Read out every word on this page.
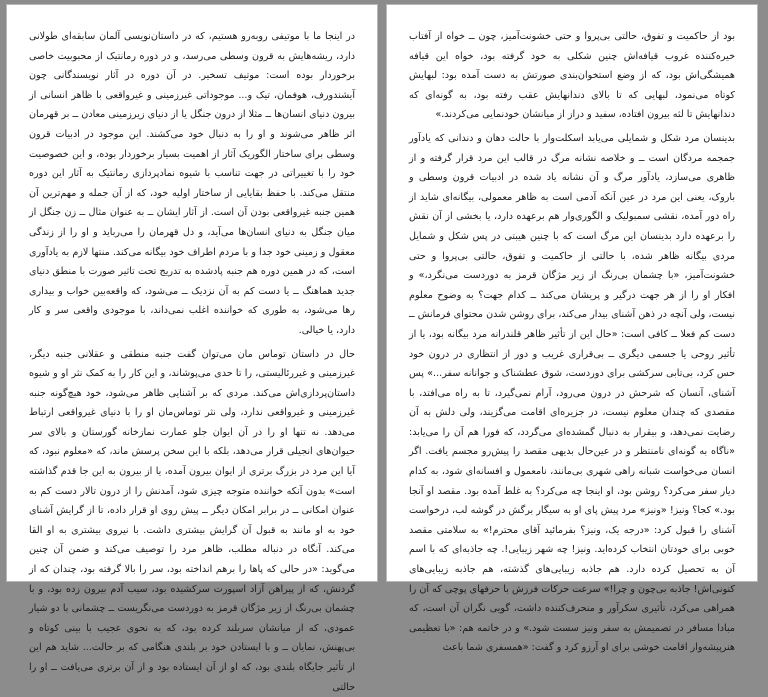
در اینجا ما با موتیفی رو‌به‌رو هستیم، که در داستان‌نویسی آلمان سابقه‌ای طولانی دارد، ریشه‌هایش به قرون وسطی می‌رسد، و در دوره رمانتیک از محبوبیت خاصی برخوردار بوده است: موتیف تسخیر. در آن دوره در آثار نویسندگانی چون آیشندورف، هوفمان، تیک و... موجوداتی غیرزمینی و غیرواقعی با ظاهر انسانی از بیرون دنیای انسان‌ها ــ مثلا از درون جنگل یا از دنیای زیرزمینی معادن ــ بر قهرمان اثر ظاهر می‌شوند و او را به دنبال خود می‌کشند. این موجود در ادبیات قرون وسطی برای ساختار الگوریک آثار از اهمیت بسیار برخوردار بوده، و این خصوصیت خود را با تغییراتی در جهت تناسب با شیوه نمادپردازی رمانتیک به آثار این دوره منتقل می‌کند. با حفظ بقایایی از ساختار اولیه خود، که از آن جمله و مهم‌ترین آن همین جنبه غیرواقعی بودن آن است. از آثار ایشان ــ به عنوان مثال ــ زن جنگل از میان جنگل به دنیای انسان‌ها می‌آید، و دل قهرمان را می‌رباید و او را از زندگی معقول و زمینی خود جدا و با مردم اطراف خود بیگانه می‌کند. منتها لازم به یادآوری است، که در همین دوره هم جنبه پادشده به تدریج تحت تاثیر صورت با منطق دنیای جدید هماهنگ ــ یا دست کم به آن نزدیک ــ می‌شود، که واقعه‌بین خواب و بیداری رها می‌شود، به طوری که خواننده اغلب نمی‌داند، با موجودی واقعی سر و کار دارد، یا خیالی.

حال در داستان توماس مان می‌توان گفت جنبه منطقی و عقلانی جنبه دیگر، غیرزمینی و غیررئالیستی، را تا حدی می‌پوشاند، و این کار را به کمک نثر او و شیوه داستان‌پردازی‌اش می‌کند. مردی که بر آشنایی ظاهر می‌شود، خود هیچ‌گونه جنبه غیرزمینی و غیرواقعی ندارد، ولی نثر توماس‌مان او را با دنیای غیرواقعی ارتباط می‌دهد. نه تنها او را در آن ایوان جلو عمارت نمازخانه گورستان و بالای سر حیوان‌های انجیلی قرار می‌دهد، بلکه با این سخن پرسش ماند، که «معلوم نبود، که آیا این مرد در بزرگ برتری از ایوان بیرون آمده، یا از بیرون به این جا قدم گذاشته است» بدون آنکه خواننده متوجه چیزی شود، آمدنش را از درون تالار دست کم به عنوان امکانی ــ در برابر امکان دیگر ــ پیش روی او قرار داده، تا از گرایش آشنای خود به او مانند به قبول آن گرایش بیشتری داشت. با نیروی بیشتری به او القا می‌کند. آنگاه در دنباله مطلب، ظاهر مرد را توصیف می‌کند و ضمن آن چنین می‌گوید: «در حالی که پاها را برهم انداخته بود، سر را بالا گرفته بود، چندان که از گردنش، که از پیراهن آزاد اسپورت سرکشیده بود، سیب آدم بیرون زده بود، و با چشمان بی‌رنگ از زیر مژگان قرمز به دوردست می‌نگریست ــ چشمانی با دو شیار عمودی، که از میانشان سربلند کرده بود، که به نحوی عجیب با بینی کوتاه و بی‌پهنش، نمایان ــ و با ایستادن خود بر بلندی هنگامی که بر حالت... شاید هم این از تأثیر جایگاه بلندی بود، که او از آن ایستاده بود و از آن برتری می‌یافت ــ او را حالتی

بود از حاکمیت و تفوق، حالتی بی‌پروا و حتی خشونت‌آمیز، چون ــ خواه از آفتاب خیره‌کننده غروب قیافه‌اش چنین شکلی به خود گرفته بود، خواه این قیافه همیشگی‌اش بود، که از وضع استخوان‌بندی صورتش به دست آمده بود: لبهایش کوتاه می‌نمود، لبهایی که تا بالای دندانهایش عقب رفته بود، به گونه‌ای که دندانهایش تا لثه بیرون افتاده، سفید و دراز از میانشان خودنمایی می‌کردند.»

بدینسان مرد شکل و شمایلی می‌یابد اسکلت‌وار با حالت دهان و دندانی که یادآور جمجمه مردگان است ــ و خلاصه نشانه مرگ در قالب این مرد قرار گرفته و از ظاهری می‌سازد، یادآور مرگ و آن نشانه یاد شده در ادبیات قرون وسطی و باروک، یعنی این مرد در عین آنکه آدمی است به ظاهر معمولی، بیگانه‌ای شاید از راه دور آمده، نقشی سمبولیک و الگوری‌وار هم برعهده دارد، یا بخشی از آن نقش را برعهده دارد بدینسان این مرگ است که با چنین هیبتی در پس شکل و شمایل مردی بیگانه ظاهر شده، با حالتی از حاکمیت و تفوق، حالتی بی‌پروا و حتی خشونت‌آمیز، «با چشمان بی‌رنگ از زیر مژگان قرمز به دوردست می‌نگرد،» و افکار او را از هر جهت درگیر و پریشان می‌کند ــ کدام جهت؟ به وضوح معلوم نیست، ولی آنچه در ذهن آشنای بیدار می‌کند، برای روشن شدن محتوای فرمانش ــ دست کم فعلا ــ کافی است: «حال این از تأثیر ظاهر قلندرانه مرد بیگانه بود، یا از تأثیر روحی یا جسمی دیگری ــ بی‌قراری غریب و دور از انتظاری در درون خود حس کرد، بی‌تابی سرکشی برای دوردست، شوق عطشناک و جوانانه سفر...» پس آشنای، آنسان که شرحش در درون می‌رود، آرام نمی‌گیرد، تا به راه می‌افتد، با مقصدی که چندان معلوم نیست، در جزیره‌ای اقامت می‌گزیند، ولی دلش به آن رضایت نمی‌دهد، و بیقرار به دنبال گمشده‌ای می‌گردد، که فورا هم آن را می‌یابد: «ناگاه به گونه‌ای نامنتظر و در عین‌حال بدیهی مقصد را پیش‌رو مجسم یافت. اگر انسان می‌خواست شبانه راهی شهری بی‌مانند، نامعمول و افسانه‌ای شود، به کدام دیار سفر می‌کرد؟ روشن بود، او اینجا چه می‌کرد؟ به غلط آمده بود. مقصد او آنجا بود.» کجا؟ ونیز! «ونیز» مرد پیش پای او به سیگار برگش در گوشه لب، درخواست آشنای را قبول کرد: «درجه یک، ونیز؟ بفرمائید آقای محترم!» به سلامتی مقصد خوبی برای خودتان انتخاب کرده‌اید. ونیز! چه شهر زیبایی!. چه جاذبه‌ای که با اسم آن به تحصیل کرده دارد. هم جاذبه زیبایی‌های گذشته، هم جاذبه زیبایی‌های کنونی‌اش! جاذبه بی‌چون و چرا!» سرعت حرکات فرزش با حرفهای پوچی که آن را همراهی می‌کرد، تأثیری سکرآور و منحرف‌کننده داشت، گویی نگران آن است، که مبادا مسافر در تصمیمش به سفر ونیز سست شود.» و در خاتمه هم: «با تعظیمی هنرپیشه‌وار اقامت خوشی برای او آرزو کرد و گفت: «همسفری شما باعث
